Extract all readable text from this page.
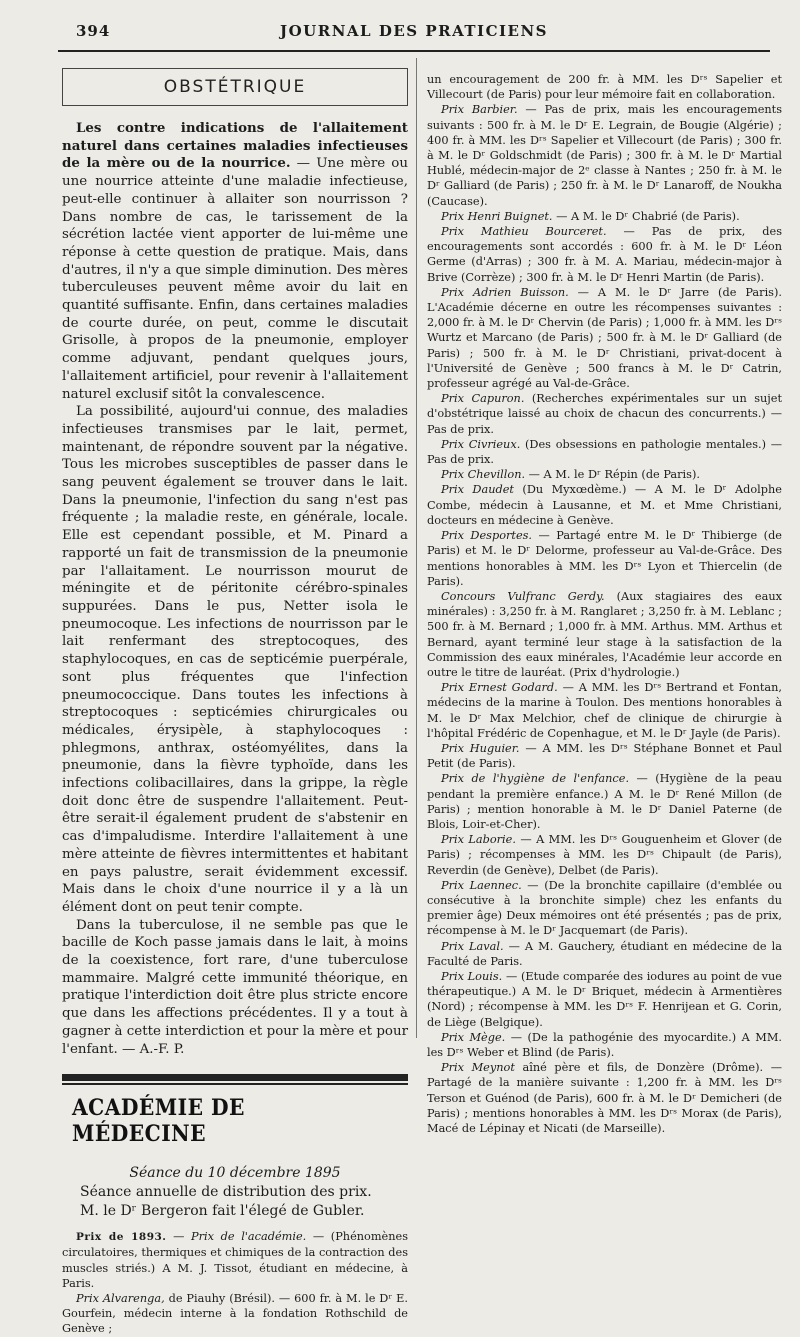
394	JOURNAL DES PRATICIENS
OBSTÉTRIQUE

Les contre indications de l'allaitement naturel dans certaines maladies infectieuses de la mère ou de la nourrice. — Une mère ou une nourrice atteinte d'une maladie infectieuse, peut-elle continuer à allaiter son nourrisson ? Dans nombre de cas, le tarissement de la sécrétion lactée vient apporter de lui-même une réponse à cette question de pratique. Mais, dans d'autres, il n'y a que simple diminution. Des mères tuberculeuses peuvent même avoir du lait en quantité suffisante. Enfin, dans certaines maladies de courte durée, on peut, comme le discutait Grisolle, à propos de la pneumonie, employer comme adjuvant, pendant quelques jours, l'allaitement artificiel, pour revenir à l'allaitement naturel exclusif sitôt la convalescence.

La possibilité, aujourd'ui connue, des maladies infectieuses transmises par le lait, permet, maintenant, de répondre souvent par la négative. Tous les microbes susceptibles de passer dans le sang peuvent également se trouver dans le lait. Dans la pneumonie, l'infection du sang n'est pas fréquente ; la maladie reste, en générale, locale. Elle est cependant possible, et M. Pinard a rapporté un fait de transmission de la pneumonie par l'allaitament. Le nourrisson mourut de méningite et de péritonite cérébro-spinales suppurées. Dans le pus, Netter isola le pneumocoque. Les infections de nourrisson par le lait renfermant des streptocoques, des staphylocoques, en cas de septicémie puerpérale, sont plus fréquentes que l'infection pneumococcique. Dans toutes les infections à streptocoques : septicémies chirurgicales ou médicales, érysipèle, à staphylocoques : phlegmons, anthrax, ostéomyélites, dans la pneumonie, dans la fièvre typhoïde, dans les infections colibacillaires, dans la grippe, la règle doit donc être de suspendre l'allaitement. Peut-être serait-il également prudent de s'abstenir en cas d'impaludisme. Interdire l'allaitement à une mère atteinte de fièvres intermittentes et habitant en pays palustre, serait évidemment excessif. Mais dans le choix d'une nourrice il y a là un élément dont on peut tenir compte.

Dans la tuberculose, il ne semble pas que le bacille de Koch passe jamais dans le lait, à moins de la coexistence, fort rare, d'une tuberculose mammaire. Malgré cette immunité théorique, en pratique l'interdiction doit être plus stricte encore que dans les affections précédentes. Il y a tout à gagner à cette interdiction et pour la mère et pour l'enfant. — A.-F. P.

ACADÉMIE DE MÉDECINE
Séance du 10 décembre 1895
Séance annuelle de distribution des prix.
M. le Dʳ Bergeron fait l'élegé de Gubler.

Prix de 1893. — Prix de l'académie. — (Phénomènes circulatoires, thermiques et chimiques de la contraction des muscles striés.) A M. J. Tissot, étudiant en médecine, à Paris.

Prix Alvarenga, de Piauhy (Brésil). — 600 fr. à M. le Dʳ E. Gourfein, médecin interne à la fondation Rothschild de Genève ;

un encouragement de 200 fr. à MM. les Dʳˢ Sapelier et Villecourt (de Paris) pour leur mémoire fait en collaboration.

Prix Barbier. — Pas de prix, mais les encouragements suivants : 500 fr. à M. le Dʳ E. Legrain, de Bougie (Algérie) ; 400 fr. à MM. les Dʳˢ Sapelier et Villecourt (de Paris) ; 300 fr. à M. le Dʳ Goldschmidt (de Paris) ; 300 fr. à M. le Dʳ Martial Hublé, médecin-major de 2ᵉ classe à Nantes ; 250 fr. à M. le Dʳ Galliard (de Paris) ; 250 fr. à M. le Dʳ Lanaroff, de Noukha (Caucase).

Prix Henri Buignet. — A M. le Dʳ Chabrié (de Paris).

Prix Mathieu Bourceret. — Pas de prix, des encouragements sont accordés : 600 fr. à M. le Dʳ Léon Germe (d'Arras) ; 300 fr. à M. A. Mariau, médecin-major à Brive (Corrèze) ; 300 fr. à M. le Dʳ Henri Martin (de Paris).

Prix Adrien Buisson. — A M. le Dʳ Jarre (de Paris). L'Académie décerne en outre les récompenses suivantes : 2,000 fr. à M. le Dʳ Chervin (de Paris) ; 1,000 fr. à MM. les Dʳˢ Wurtz et Marcano (de Paris) ; 500 fr. à M. le Dʳ Galliard (de Paris) ; 500 fr. à M. le Dʳ Christiani, privat-docent à l'Université de Genève ; 500 francs à M. le Dʳ Catrin, professeur agrégé au Val-de-Grâce.

Prix Capuron. (Recherches expérimentales sur un sujet d'obstétrique laissé au choix de chacun des concurrents.) — Pas de prix.

Prix Civrieux. (Des obsessions en pathologie mentales.) — Pas de prix.

Prix Chevillon. — A M. le Dʳ Répin (de Paris).

Prix Daudet (Du Myxœdème.) — A M. le Dʳ Adolphe Combe, médecin à Lausanne, et M. et Mme Christiani, docteurs en médecine à Genève.

Prix Desportes. — Partagé entre M. le Dʳ Thibierge (de Paris) et M. le Dʳ Delorme, professeur au Val-de-Grâce. Des mentions honorables à MM. les Dʳˢ Lyon et Thiercelin (de Paris).

Concours Vulfranc Gerdy. (Aux stagiaires des eaux minérales) : 3,250 fr. à M. Ranglaret ; 3,250 fr. à M. Leblanc ; 500 fr. à M. Bernard ; 1,000 fr. à MM. Arthus. MM. Arthus et Bernard, ayant terminé leur stage à la satisfaction de la Commission des eaux minérales, l'Académie leur accorde en outre le titre de lauréat. (Prix d'hydrologie.)

Prix Ernest Godard. — A MM. les Dʳˢ Bertrand et Fontan, médecins de la marine à Toulon. Des mentions honorables à M. le Dʳ Max Melchior, chef de clinique de chirurgie à l'hôpital Frédéric de Copenhague, et M. le Dʳ Jayle (de Paris).

Prix Huguier. — A MM. les Dʳˢ Stéphane Bonnet et Paul Petit (de Paris).

Prix de l'hygiène de l'enfance. — (Hygiène de la peau pendant la première enfance.) A M. le Dʳ René Millon (de Paris) ; mention honorable à M. le Dʳ Daniel Paterne (de Blois, Loir-et-Cher).

Prix Laborie. — A MM. les Dʳˢ Gouguenheim et Glover (de Paris) ; récompenses à MM. les Dʳˢ Chipault (de Paris), Reverdin (de Genève), Delbet (de Paris).

Prix Laennec. — (De la bronchite capillaire (d'emblée ou consécutive à la bronchite simple) chez les enfants du premier âge) Deux mémoires ont été présentés ; pas de prix, récompense à M. le Dʳ Jacquemart (de Paris).

Prix Laval. — A M. Gauchery, étudiant en médecine de la Faculté de Paris.

Prix Louis. — (Etude comparée des iodures au point de vue thérapeutique.) A M. le Dʳ Briquet, médecin à Armentières (Nord) ; récompense à MM. les Dʳˢ F. Henrijean et G. Corin, de Liège (Belgique).

Prix Mège. — (De la pathogénie des myocardite.) A MM. les Dʳˢ Weber et Blind (de Paris).

Prix Meynot aîné père et fils, de Donzère (Drôme). — Partagé de la manière suivante : 1,200 fr. à MM. les Dʳˢ Terson et Guénod (de Paris), 600 fr. à M. le Dʳ Demicheri (de Paris) ; mentions honorables à MM. les Dʳˢ Morax (de Paris), Macé de Lépinay et Nicati (de Marseille).
